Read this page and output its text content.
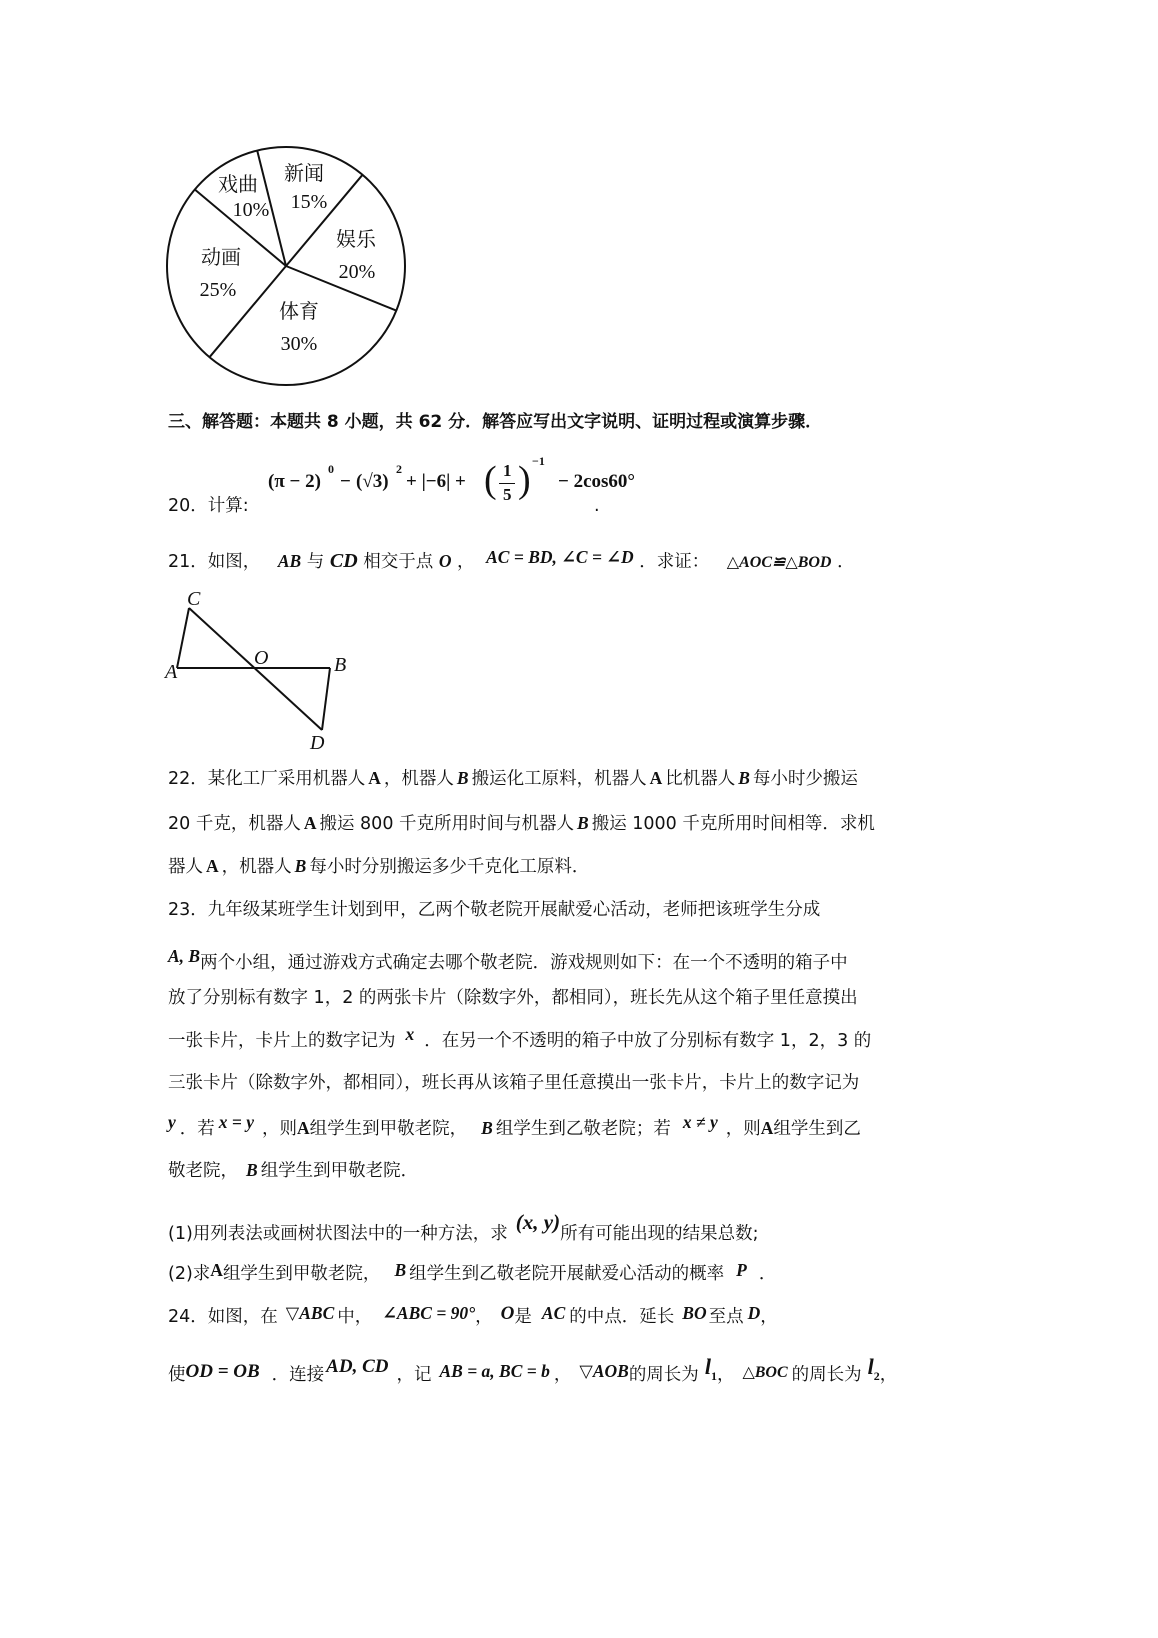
新闻
15%
娱乐
20%
体育
30%
动画
25%
戏曲
10%
三、解答题：本题共 8 小题，共 62 分．解答应写出文字说明、证明过程或演算步骤．
20．计算:
(π − 2)
0
− (√3)
2
+ |−6| + ( 1
5 ) −1
− 2cos60°
.
21．如图， AB 与 CD 相交于点 O ， AC = BD, ∠C = ∠D ．求证： △AOC≌△BOD ．
C
A
O	B
D
22．某化工厂采用机器人 A ，机器人 B 搬运化工原料，机器人 A 比机器人 B 每小时少搬运
20 千克，机器人 A 搬运 800 千克所用时间与机器人 B 搬运 1000 千克所用时间相等．求机
器人 A ，机器人 B 每小时分别搬运多少千克化工原料．
23．九年级某班学生计划到甲，乙两个敬老院开展献爱心活动，老师把该班学生分成
A, B两个小组，通过游戏方式确定去哪个敬老院．游戏规则如下：在一个不透明的箱子中
放了分别标有数字 1，2 的两张卡片（除数字外，都相同），班长先从这个箱子里任意摸出
一张卡片，卡片上的数字记为 x ．在另一个不透明的箱子中放了分别标有数字 1，2，3 的
三张卡片（除数字外，都相同），班长再从该箱子里任意摸出一张卡片，卡片上的数字记为
y ．若 x = y ，则A组学生到甲敬老院， B 组学生到乙敬老院；若 x ≠ y ，则A组学生到乙
敬老院， B 组学生到甲敬老院．
(1)用列表法或画树状图法中的一种方法，求 (x, y)所有可能出现的结果总数;
(2)求A组学生到甲敬老院， B 组学生到乙敬老院开展献爱心活动的概率 P ．
24．如图，在 ▽ABC 中， ∠ABC = 90°， O是 AC 的中点．延长 BO 至点 D，
使OD = OB ．连接 AD, CD ，记 AB = a, BC = b ， ▽AOB的周长为 l1， △BOC 的周长为 l2，
